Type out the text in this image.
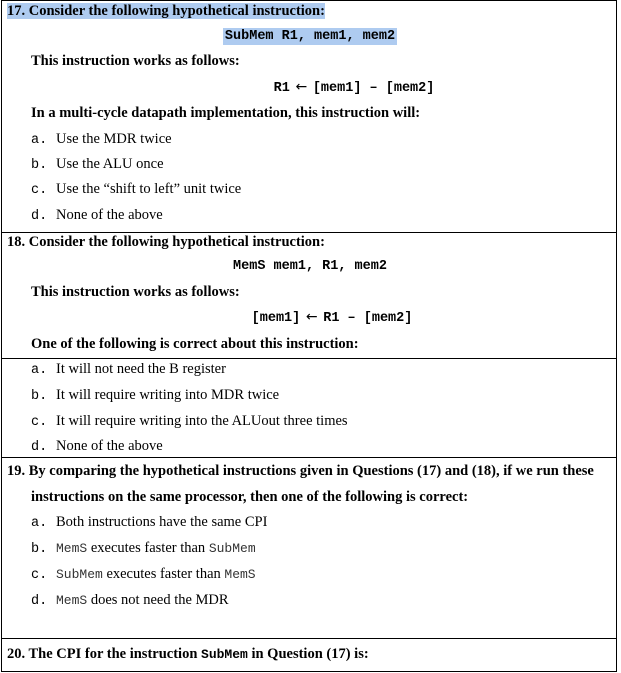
17. Consider the following hypothetical instruction:
SubMem R1, mem1, mem2
This instruction works as follows:
R1 ← [mem1] – [mem2]
In a multi-cycle datapath implementation, this instruction will:
a. Use the MDR twice
b. Use the ALU once
c. Use the “shift to left” unit twice
d. None of the above
18. Consider the following hypothetical instruction:
MemS mem1, R1, mem2
This instruction works as follows:
[mem1] ← R1 – [mem2]
One of the following is correct about this instruction:
a. It will not need the B register
b. It will require writing into MDR twice
c. It will require writing into the ALUout three times
d. None of the above
19. By comparing the hypothetical instructions given in Questions (17) and (18), if we run these
instructions on the same processor, then one of the following is correct:
a. Both instructions have the same CPI
b. MemS executes faster than SubMem
c. SubMem executes faster than MemS
d. MemS does not need the MDR
20. The CPI for the instruction SubMem in Question (17) is:
